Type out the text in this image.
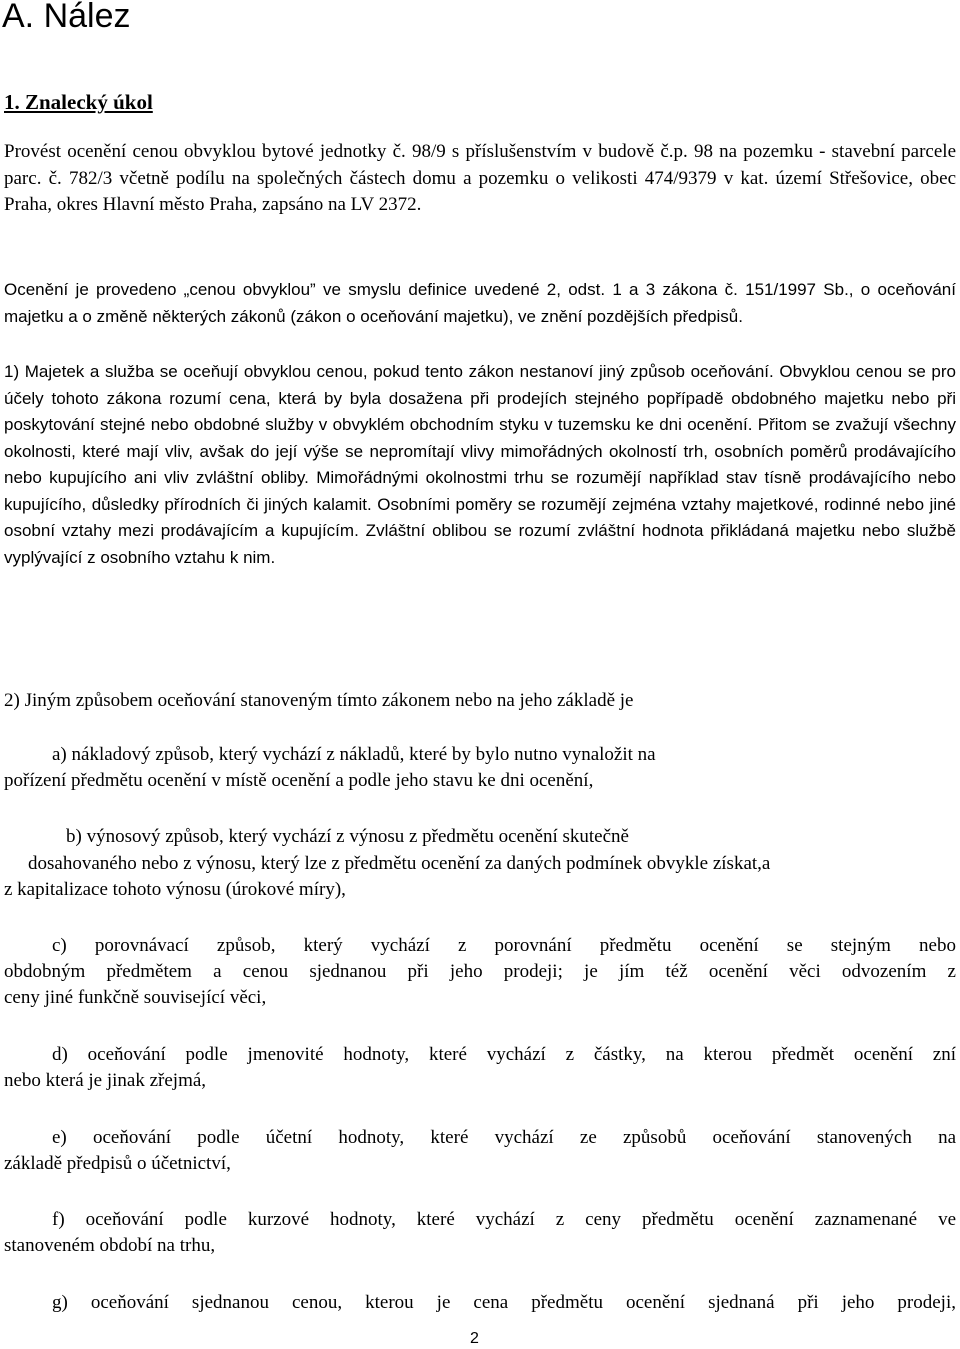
A. Nález
1. Znalecký úkol

Provést ocenění cenou obvyklou bytové jednotky č. 98/9 s příslušenstvím v budově č.p. 98 na pozemku - stavební parcele parc. č. 782/3 včetně podílu na společných částech domu a pozemku o velikosti 474/9379 v kat. území Střešovice, obec Praha, okres Hlavní město Praha, zapsáno na LV 2372.

Ocenění je provedeno „cenou obvyklou” ve smyslu definice uvedené 2, odst. 1 a 3 zákona č. 151/1997 Sb., o oceňování majetku a o změně některých zákonů (zákon o oceňování majetku), ve znění pozdějších předpisů.

1) Majetek a služba se oceňují obvyklou cenou, pokud tento zákon nestanoví jiný způsob oceňování. Obvyklou cenou se pro účely tohoto zákona rozumí cena, která by byla dosažena při prodejích stejného popřípadě obdobného majetku nebo při poskytování stejné nebo obdobné služby v obvyklém obchodním styku v tuzemsku ke dni ocenění. Přitom se zvažují všechny okolnosti, které mají vliv, avšak do její výše se nepromítají vlivy mimořádných okolností trh, osobních poměrů prodávajícího nebo kupujícího ani vliv zvláštní obliby. Mimořádnými okolnostmi trhu se rozumějí například stav tísně prodávajícího nebo kupujícího, důsledky přírodních či jiných kalamit. Osobními poměry se rozumějí zejména vztahy majetkové, rodinné nebo jiné osobní vztahy mezi prodávajícím a kupujícím. Zvláštní oblibou se rozumí zvláštní hodnota přikládaná majetku nebo službě vyplývající z osobního vztahu k nim.

2) Jiným způsobem oceňování stanoveným tímto zákonem nebo na jeho základě je

a) nákladový způsob, který vychází z nákladů, které by bylo nutno vynaložit na

pořízení předmětu ocenění v místě ocenění a podle jeho stavu ke dni ocenění,

b) výnosový způsob, který vychází z výnosu z předmětu ocenění skutečně

dosahovaného nebo z výnosu, který lze z předmětu ocenění za daných podmínek obvykle získat,a

z kapitalizace tohoto výnosu (úrokové míry),

c) porovnávací způsob, který vychází z porovnání předmětu ocenění se stejným nebo

obdobným předmětem a cenou sjednanou při jeho prodeji; je jím též ocenění věci odvozením z

ceny jiné funkčně související věci,

d) oceňování podle jmenovité hodnoty, které vychází z částky, na kterou předmět ocenění zní

nebo která je jinak zřejmá,

e) oceňování podle účetní hodnoty, které vychází ze způsobů oceňování stanovených na

základě předpisů o účetnictví,

f) oceňování podle kurzové hodnoty, které vychází z ceny předmětu ocenění zaznamenané ve

stanoveném období na trhu,

g) oceňování sjednanou cenou, kterou je cena předmětu ocenění sjednaná při jeho prodeji,

2
